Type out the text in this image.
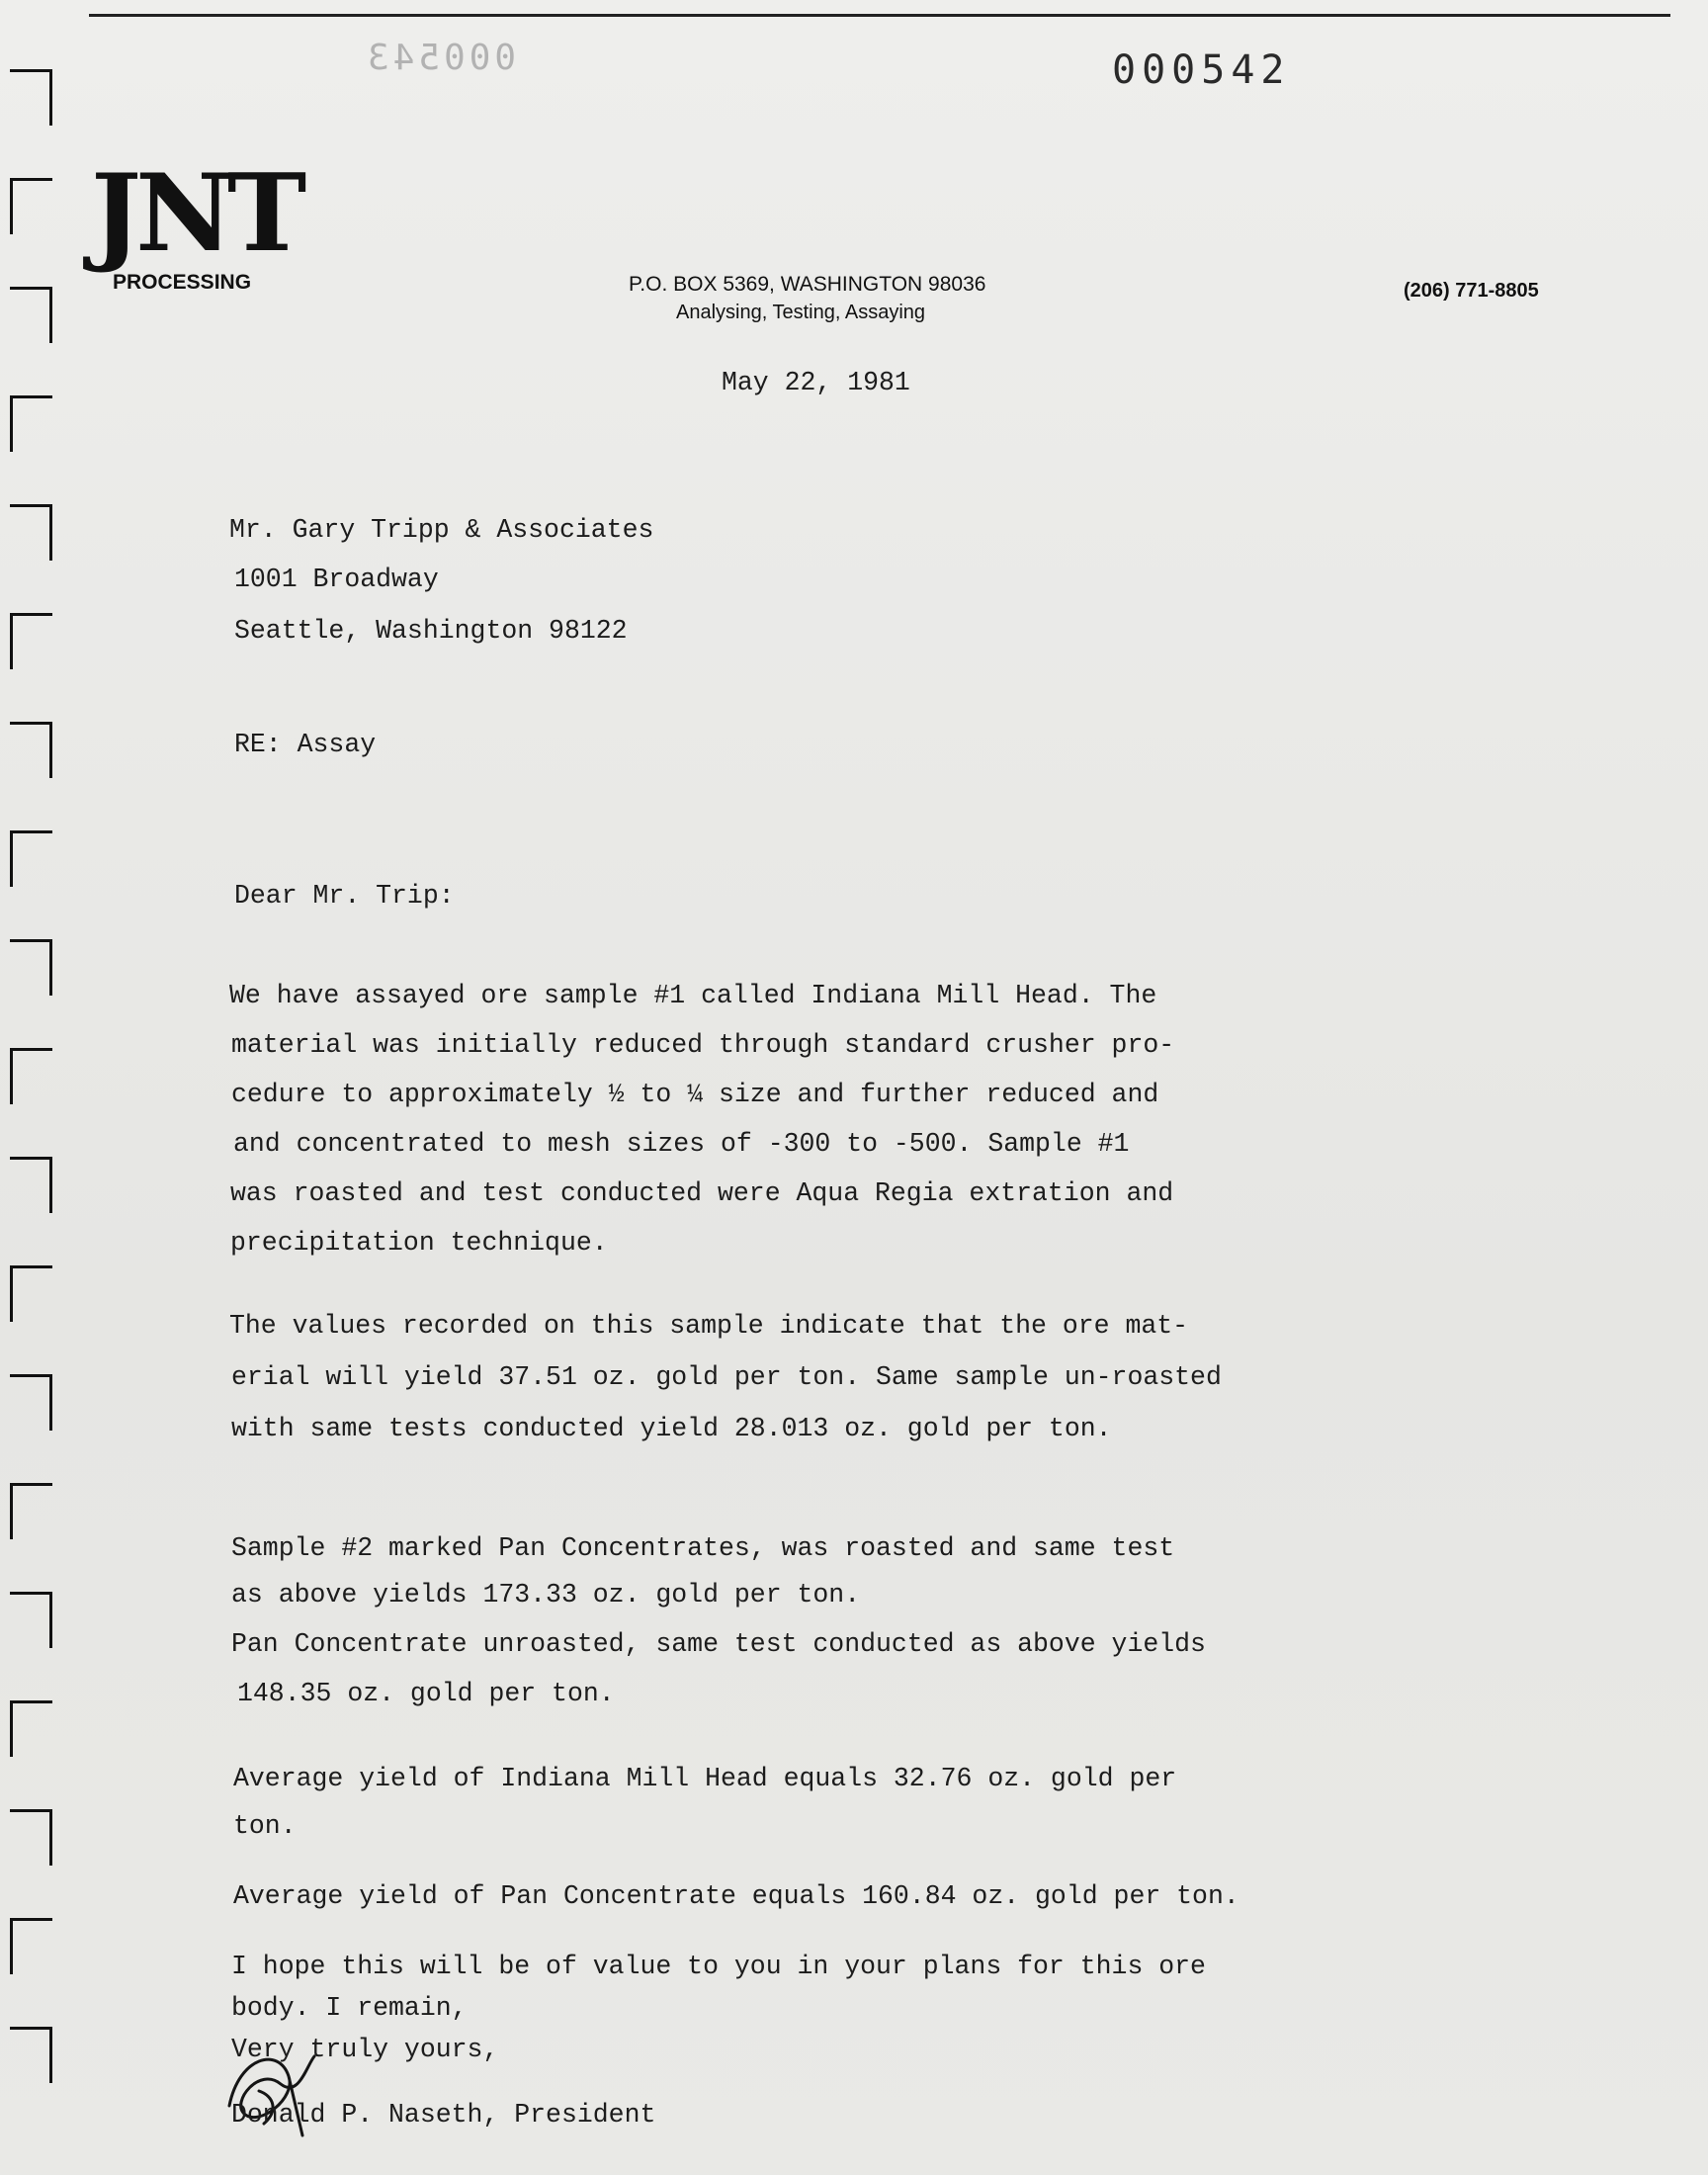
000543	000542
JNT
PROCESSING	P.O. BOX 5369, WASHINGTON 98036
Analysing, Testing, Assaying
(206) 771-8805

May 22, 1981

Mr. Gary Tripp & Associates

1001 Broadway

Seattle, Washington 98122

RE: Assay

Dear Mr. Trip:

We have assayed ore sample #1 called Indiana Mill Head. The

material was initially reduced through standard crusher pro-

cedure to approximately ½ to ¼ size and further reduced and

and concentrated to mesh sizes of -300 to -500. Sample #1

was roasted and test conducted were Aqua Regia extration and

precipitation technique.

The values recorded on this sample indicate that the ore mat-

erial will yield 37.51 oz. gold per ton. Same sample un-roasted

with same tests conducted yield 28.013 oz. gold per ton.

Sample #2 marked Pan Concentrates, was roasted and same test

as above yields 173.33 oz. gold per ton.

Pan Concentrate unroasted, same test conducted as above yields

148.35 oz. gold per ton.

Average yield of Indiana Mill Head equals 32.76 oz. gold per

ton.

Average yield of Pan Concentrate equals 160.84 oz. gold per ton.

I hope this will be of value to you in your plans for this ore

body. I remain,

Very truly yours,

Donald P. Naseth, President
